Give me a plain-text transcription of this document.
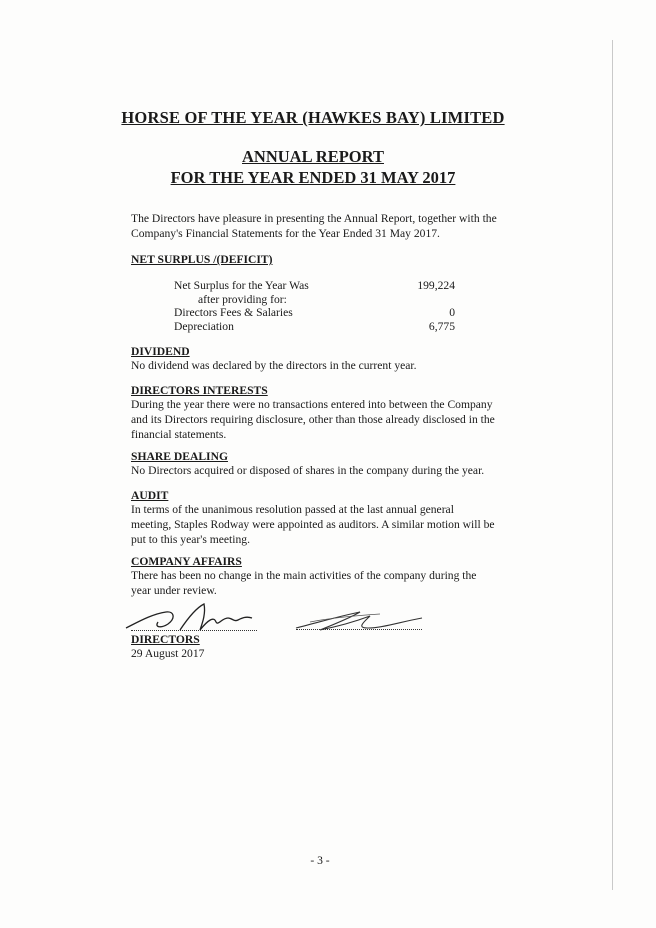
HORSE OF THE YEAR (HAWKES BAY) LIMITED
ANNUAL REPORT
FOR THE YEAR ENDED 31 MAY 2017
The Directors have pleasure in presenting the Annual Report, together with the Company's Financial Statements for the Year Ended 31 May 2017.
NET SURPLUS /(DEFICIT)
Net Surplus for the Year Was	199,224
after providing for:
Directors Fees & Salaries	0
Depreciation	6,775
DIVIDEND
No dividend was declared by the directors in the current year.
DIRECTORS INTERESTS
During the year there were no transactions entered into between the Company and its Directors requiring disclosure, other than those already disclosed in the financial statements.
SHARE DEALING
No Directors acquired or disposed of shares in the company during the year.
AUDIT
In terms of the unanimous resolution passed at the last annual general meeting, Staples Rodway were appointed as auditors. A similar motion will be put to this year's meeting.
COMPANY AFFAIRS
There has been no change in the main activities of the company during the year under review.
DIRECTORS
29 August 2017
- 3 -
